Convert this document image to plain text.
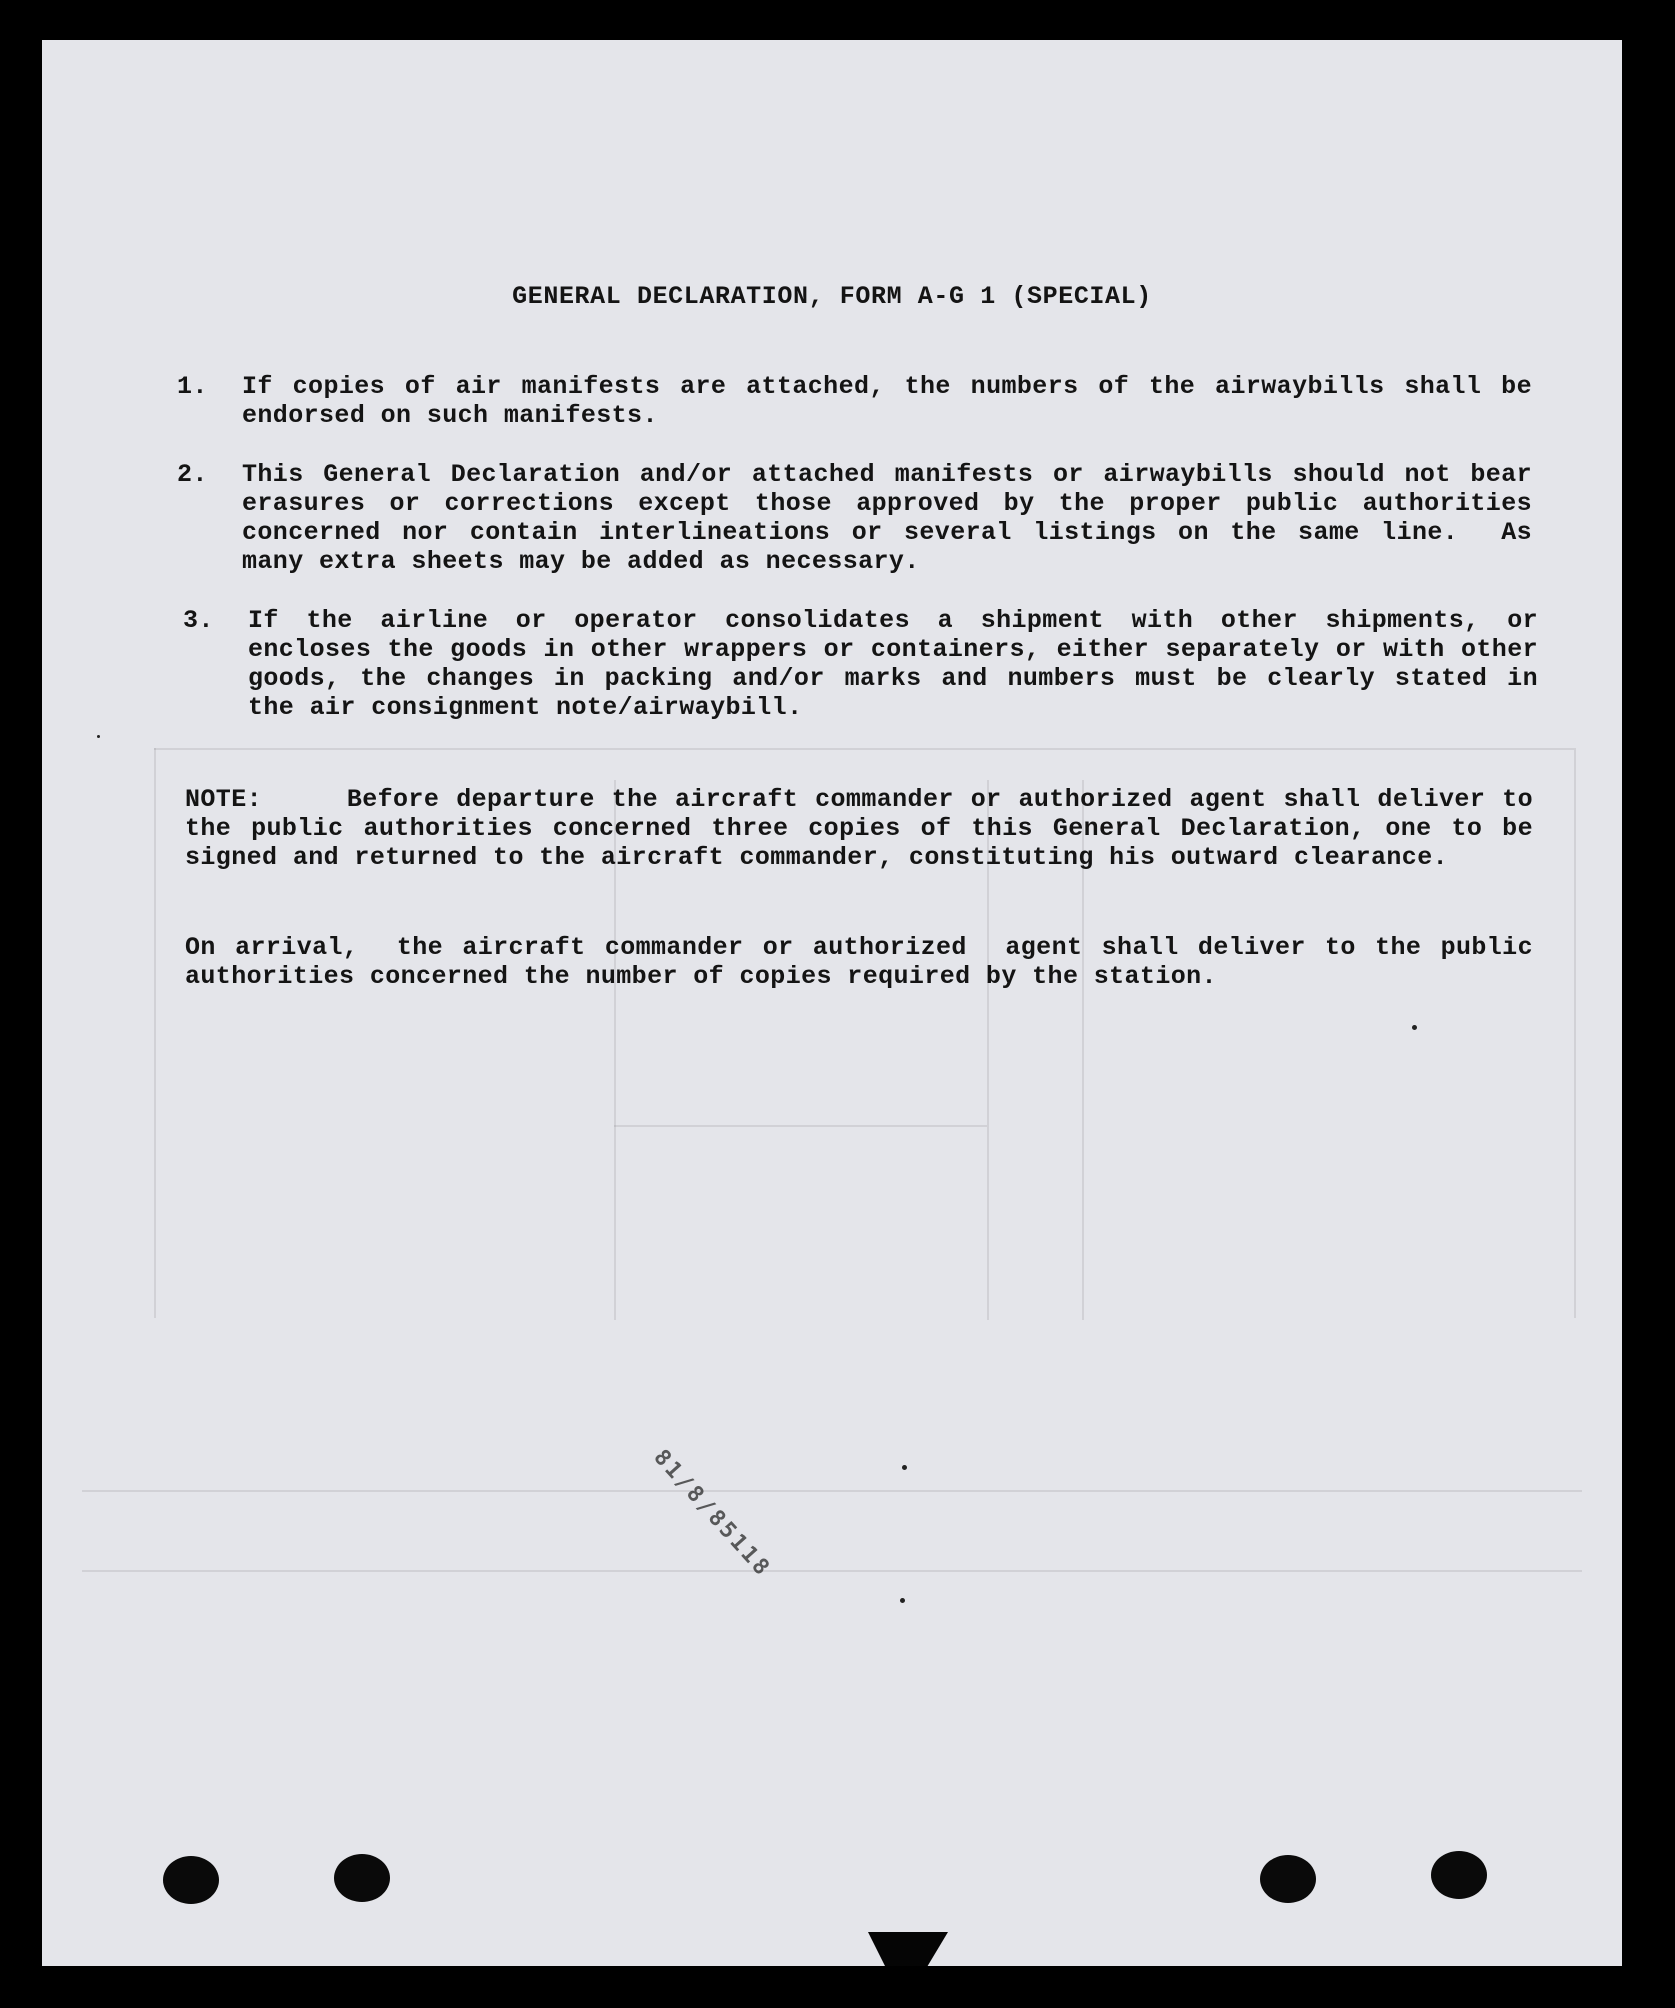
GENERAL DECLARATION, FORM A-G 1 (SPECIAL)
1.	If copies of air manifests are attached, the numbers of the airwaybills shall be endorsed on such manifests.
2.	This General Declaration and/or attached manifests or airwaybills should not bear erasures or corrections except those approved by the proper public authorities concerned nor contain interlineations or several listings on the same line.  As many extra sheets may be added as necessary.
3.	If the airline or operator consolidates a shipment with other shipments, or encloses the goods in other wrappers or containers, either separately or with other goods, the changes in packing and/or marks and numbers must be clearly stated in the air consignment note/airwaybill.
NOTE:     Before departure the aircraft commander or authorized agent shall deliver to the public authorities concerned three copies of this General Declaration, one to be signed and returned to the aircraft commander, constituting his outward clearance.
On arrival,  the aircraft commander or authorized  agent shall deliver to the public authorities concerned the number of copies required by the station.
81/8/85118
